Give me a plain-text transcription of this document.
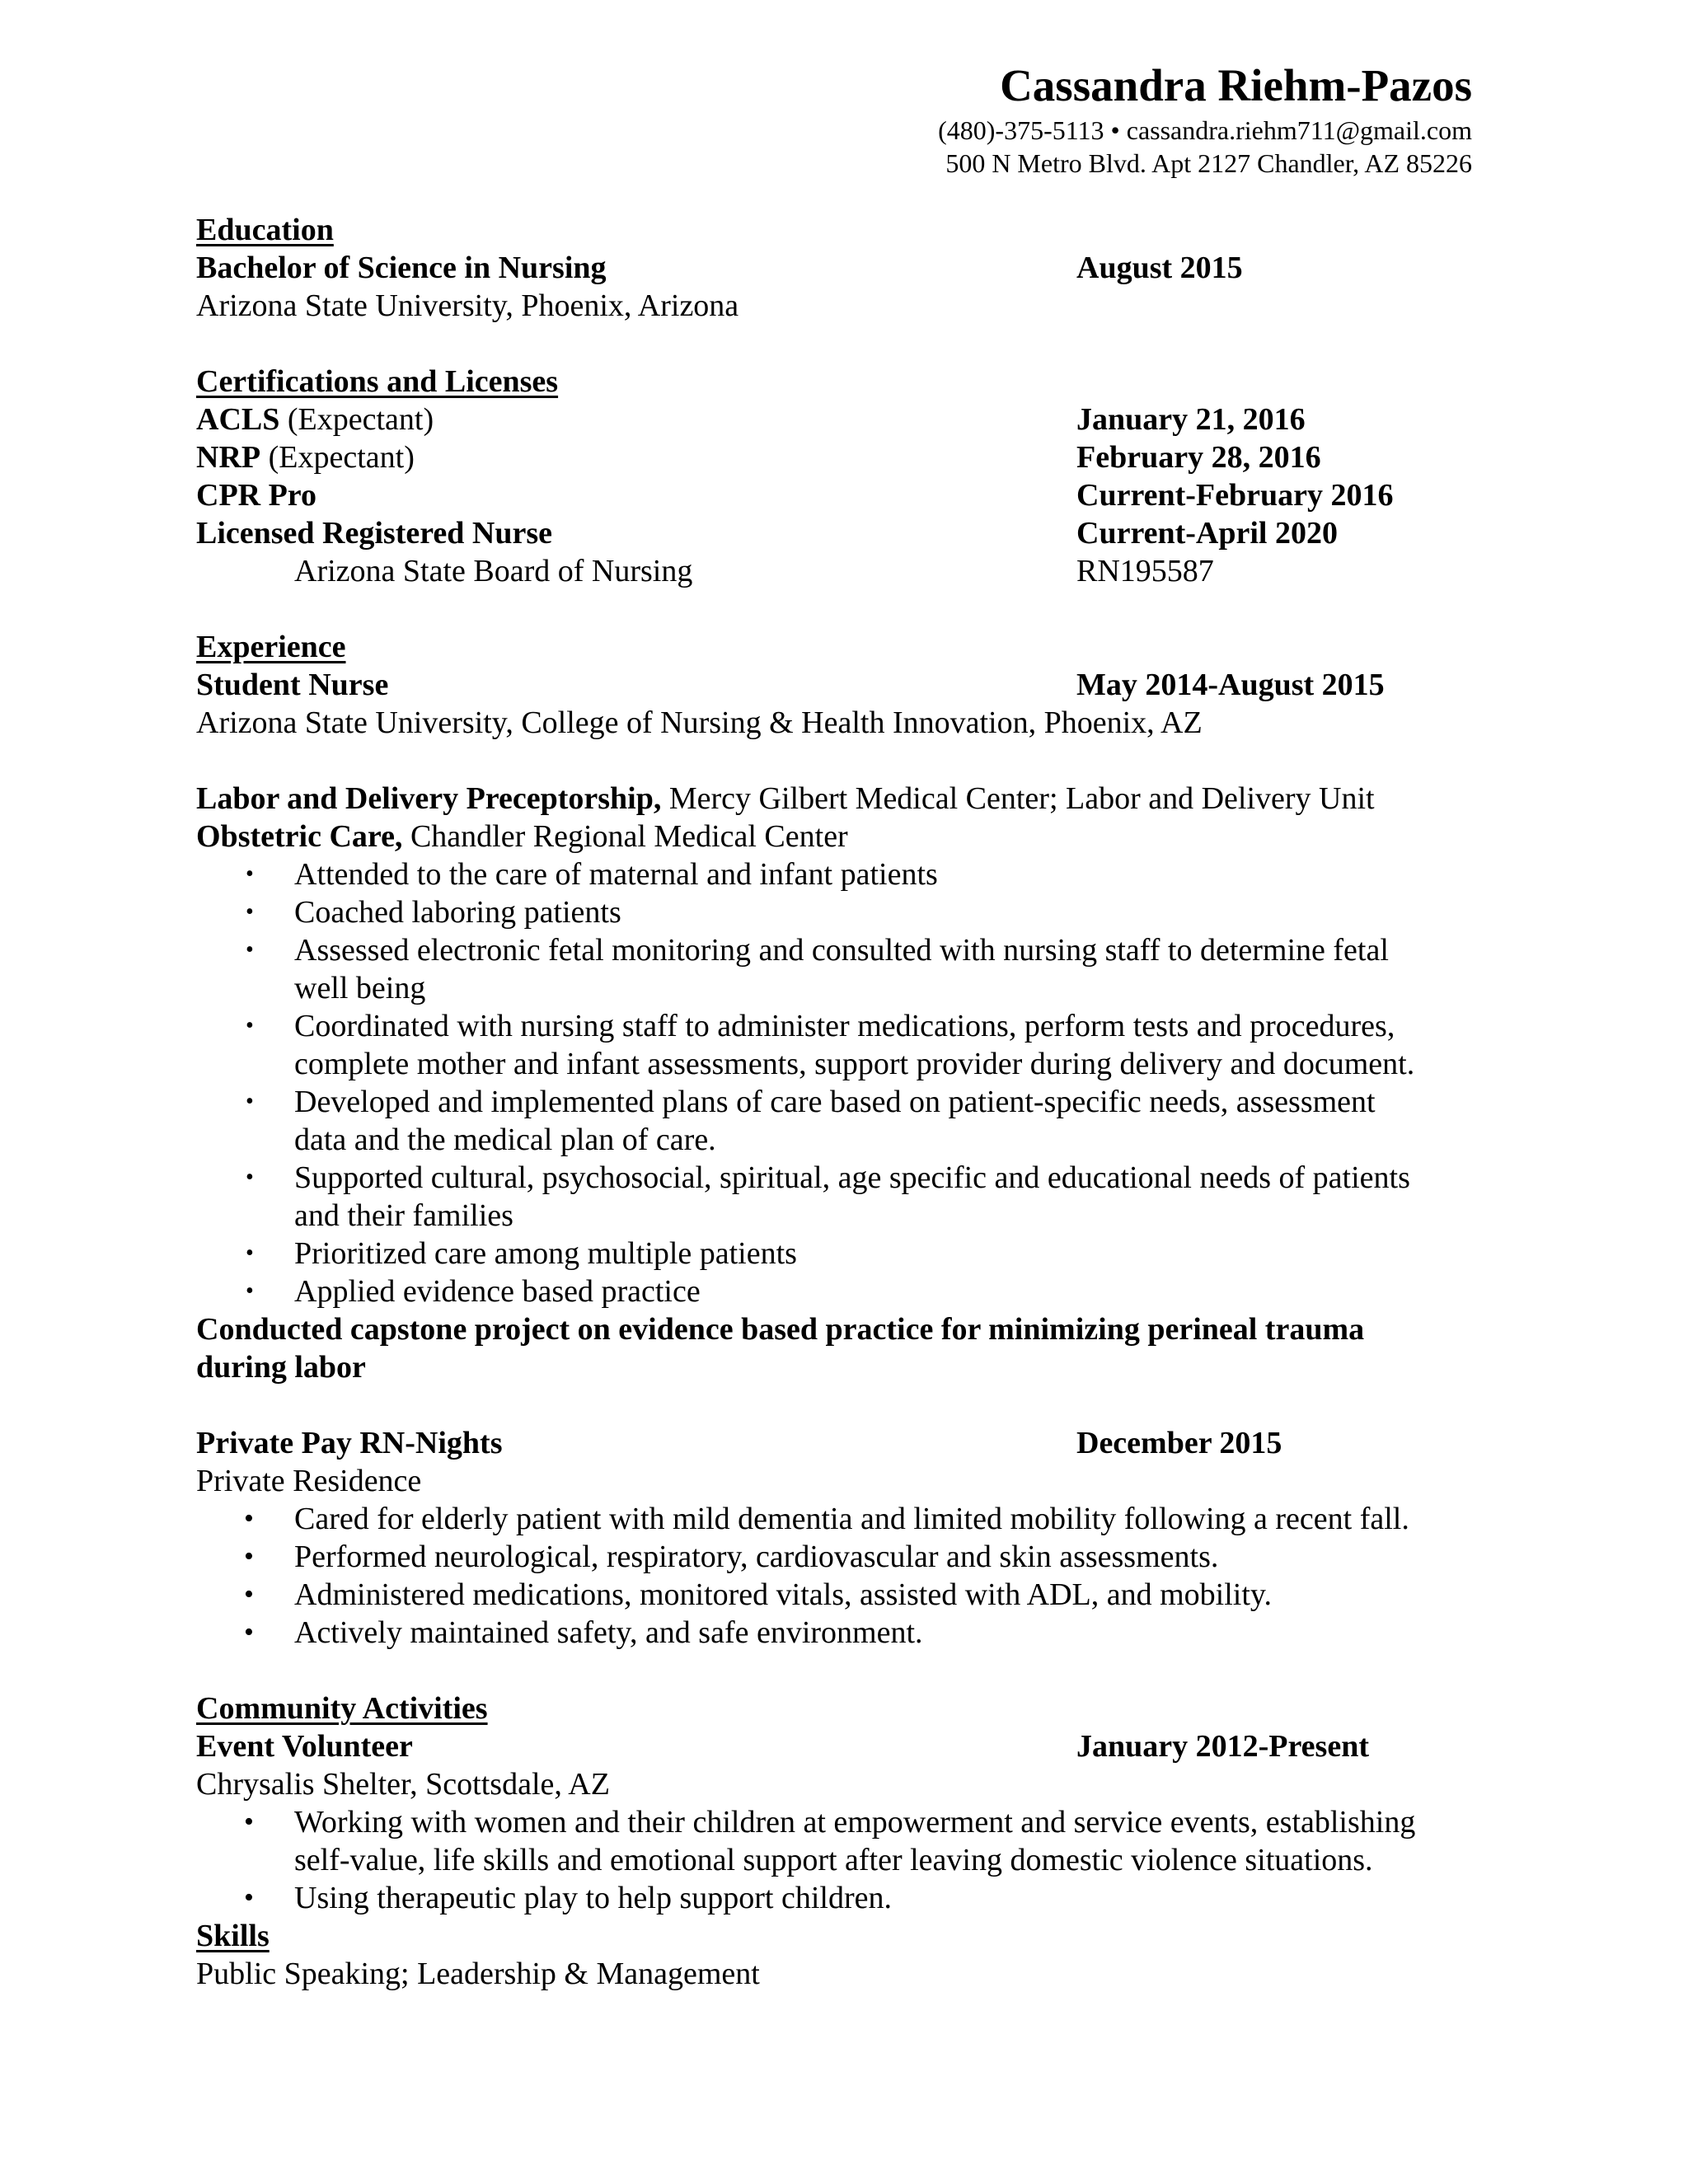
Cassandra Riehm-Pazos
(480)-375-5113 • cassandra.riehm711@gmail.com
500 N Metro Blvd. Apt 2127 Chandler, AZ 85226
Education
Bachelor of Science in Nursing	August 2015
Arizona State University, Phoenix, Arizona
Certifications and Licenses
ACLS (Expectant)	January 21, 2016
NRP (Expectant)	February 28, 2016
CPR Pro	Current-February 2016
Licensed Registered Nurse	Current-April 2020
Arizona State Board of Nursing	RN195587
Experience
Student Nurse	May 2014-August 2015
Arizona State University, College of Nursing & Health Innovation, Phoenix, AZ
Labor and Delivery Preceptorship, Mercy Gilbert Medical Center; Labor and Delivery Unit
Obstetric Care, Chandler Regional Medical Center
• Attended to the care of maternal and infant patients
• Coached laboring patients
• Assessed electronic fetal monitoring and consulted with nursing staff to determine fetal
well being
• Coordinated with nursing staff to administer medications, perform tests and procedures,
complete mother and infant assessments, support provider during delivery and document.
• Developed and implemented plans of care based on patient-specific needs, assessment
data and the medical plan of care.
• Supported cultural, psychosocial, spiritual, age specific and educational needs of patients
and their families
• Prioritized care among multiple patients
• Applied evidence based practice
Conducted capstone project on evidence based practice for minimizing perineal trauma
during labor
Private Pay RN-Nights	December 2015
Private Residence
• Cared for elderly patient with mild dementia and limited mobility following a recent fall.
• Performed neurological, respiratory, cardiovascular and skin assessments.
• Administered medications, monitored vitals, assisted with ADL, and mobility.
• Actively maintained safety, and safe environment.
Community Activities
Event Volunteer	January 2012-Present
Chrysalis Shelter, Scottsdale, AZ
• Working with women and their children at empowerment and service events, establishing
self-value, life skills and emotional support after leaving domestic violence situations.
• Using therapeutic play to help support children.
Skills
Public Speaking; Leadership & Management
